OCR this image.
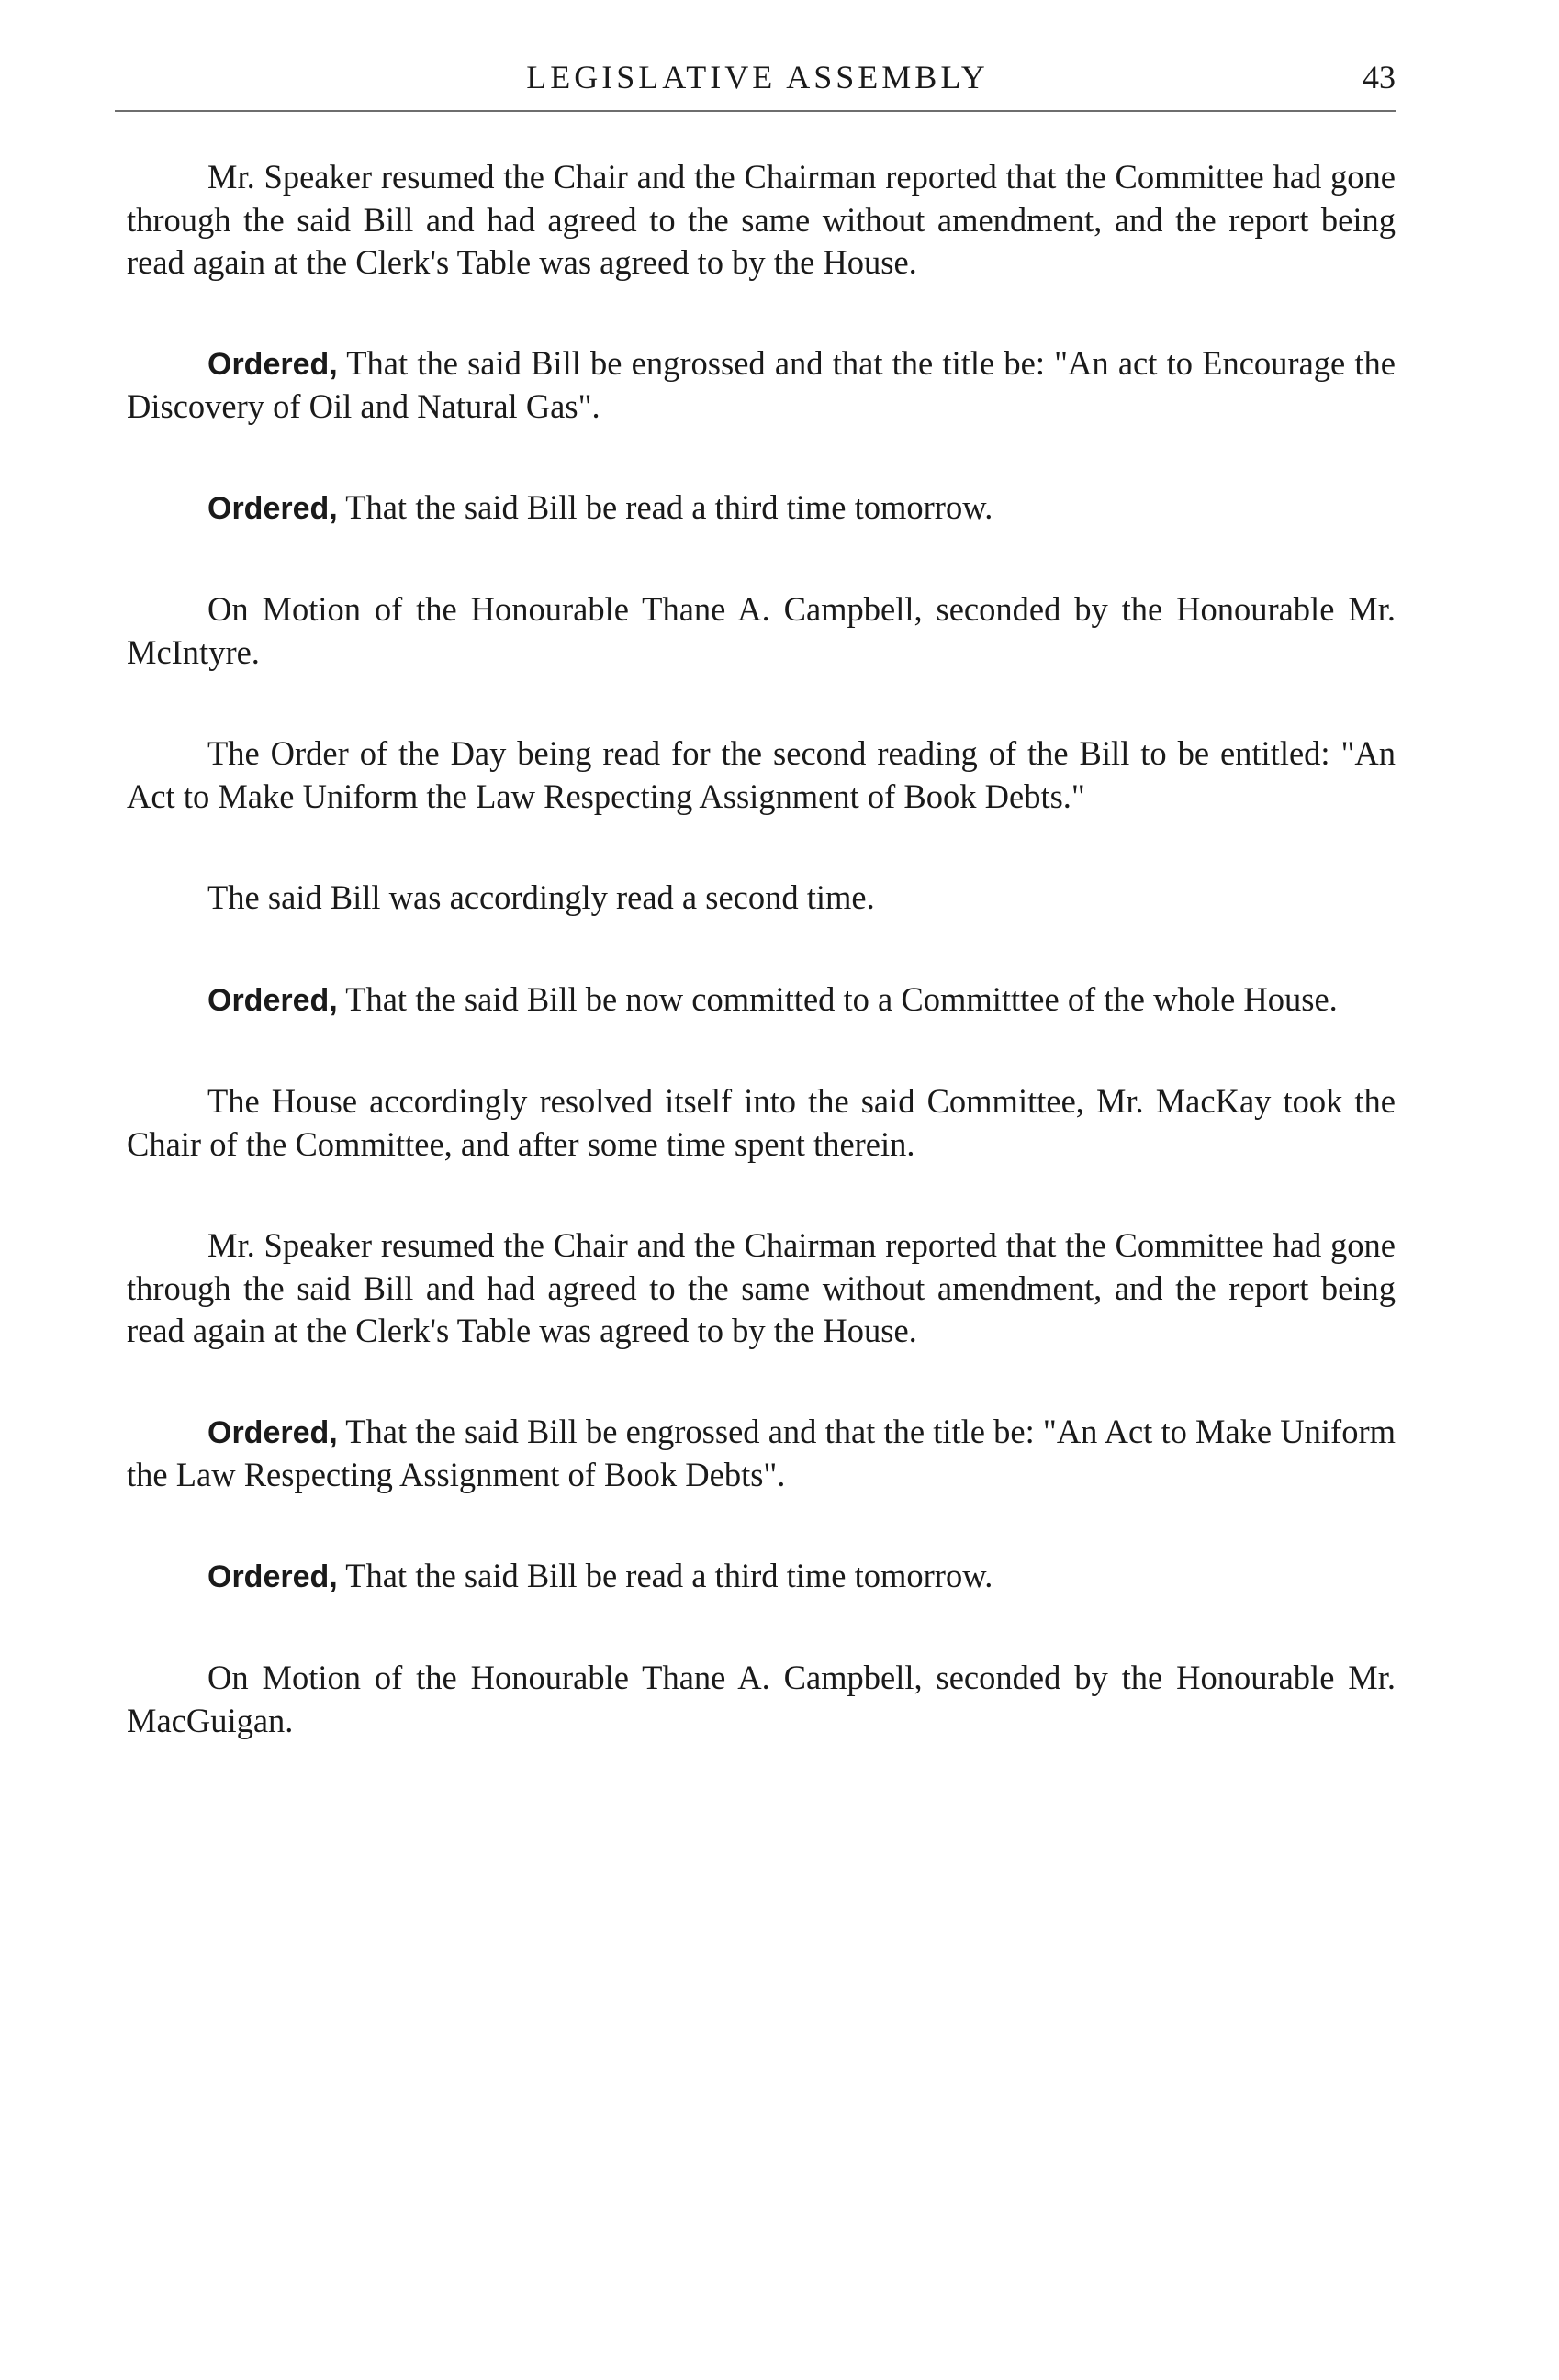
LEGISLATIVE ASSEMBLY	43

Mr. Speaker resumed the Chair and the Chairman reported that the Committee had gone through the said Bill and had agreed to the same without amendment, and the report being read again at the Clerk's Table was agreed to by the House.

Ordered, That the said Bill be engrossed and that the title be: "An act to Encourage the Discovery of Oil and Natural Gas".

Ordered, That the said Bill be read a third time tomorrow.

On Motion of the Honourable Thane A. Campbell, seconded by the Honourable Mr. McIntyre.

The Order of the Day being read for the second reading of the Bill to be entitled: "An Act to Make Uniform the Law Respecting Assignment of Book Debts."

The said Bill was accordingly read a second time.

Ordered, That the said Bill be now committed to a Committtee of the whole House.

The House accordingly resolved itself into the said Committee, Mr. MacKay took the Chair of the Committee, and after some time spent therein.

Mr. Speaker resumed the Chair and the Chairman reported that the Committee had gone through the said Bill and had agreed to the same without amendment, and the report being read again at the Clerk's Table was agreed to by the House.

Ordered, That the said Bill be engrossed and that the title be: "An Act to Make Uniform the Law Respecting Assignment of Book Debts".

Ordered, That the said Bill be read a third time tomorrow.

On Motion of the Honourable Thane A. Campbell, seconded by the Honourable Mr. MacGuigan.
